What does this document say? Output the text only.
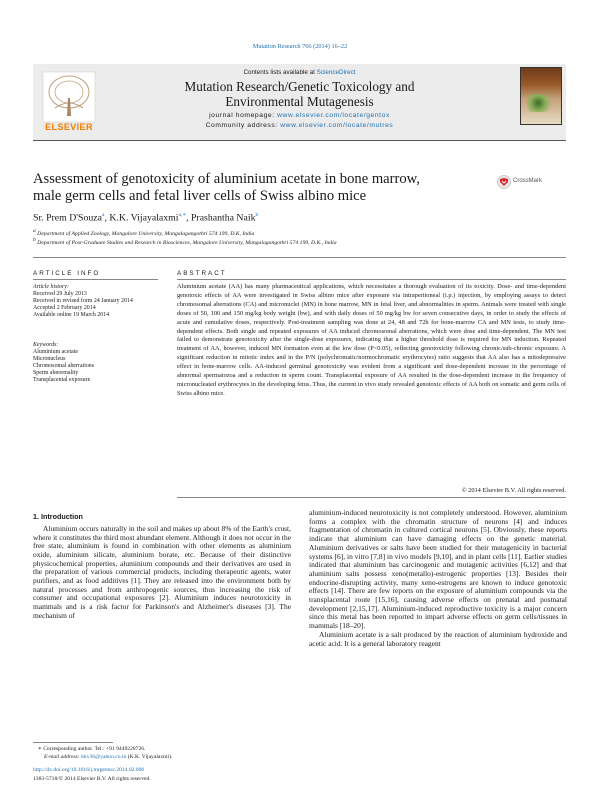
Mutation Research 766 (2014) 16–22
ELSEVIER
Contents lists available at ScienceDirect
Mutation Research/Genetic Toxicology and
Environmental Mutagenesis
journal homepage: www.elsevier.com/locate/gentox
Community address: www.elsevier.com/locate/mutres
Assessment of genotoxicity of aluminium acetate in bone marrow,
male germ cells and fetal liver cells of Swiss albino mice
CrossMark
Sr. Prem D'Souza$^a$, K.K. Vijayalaxmi$^{a,∗}$, Prashantha Naik$^b$
$^a$ Department of Applied Zoology, Mangalore University, Mangalagangothri 574 199, D.K, India
$^b$ Department of Post-Graduate Studies and Research in Biosciences, Mangalore University, Mangalagangothri 574 199, D.K., India
ARTICLE INFO	ABSTRACT
Article history:
Received 29 July 2013
Received in revised form 24 January 2014
Accepted 2 February 2014
Available online 19 March 2014
Keywords:
Aluminium acetate
Micronucleus
Chromosomal aberrations
Sperm abnormality
Transplacental exposure
Aluminium acetate (AA) has many pharmaceutical applications, which necessitates a thorough evaluation of its toxicity. Dose- and time-dependent genotoxic effects of AA were investigated in Swiss albino mice after exposure via intraperitoneal (i.p.) injection, by employing assays to detect chromosomal aberrations (CA) and micronuclei (MN) in bone marrow, MN in fetal liver, and abnormalities in sperm. Animals were treated with single doses of 50, 100 and 150 mg/kg body weight (bw), and with daily doses of 50 mg/kg bw for seven consecutive days, in order to study the effects of acute and cumulative doses, respectively. Post-treatment sampling was done at 24, 48 and 72h for bone-marrow CA and MN tests, to study time-dependent effects. Both single and repeated exposures of AA induced chromosomal aberrations, which were dose and time-dependent. The MN test failed to demonstrate genotoxicity after the single-dose exposures, indicating that a higher threshold dose is required for MN induction. Repeated treatment of AA, however, induced MN formation even at the low dose (P<0.05), reflecting genotoxicity following chronic/sub-chronic exposure. A significant reduction in mitotic index and in the P/N (polychromatic/normochromatic erythrocytes) ratio suggests that AA also has a mitodepressive effect in bone-marrow cells. AA-induced germinal genotoxicity was evident from a significant and dose-dependent increase in the percentage of abnormal spermatozoa and a reduction in sperm count. Transplacental exposure of AA resulted in the dose-dependent increase in the frequency of micronucleated erythrocytes in the developing fetus. Thus, the current in vivo study revealed genotoxic effects of AA both on somatic and germ cells of Swiss albino mice.
© 2014 Elsevier B.V. All rights reserved.
1. Introduction

Aluminium occurs naturally in the soil and makes up about 8% of the Earth's crust, where it constitutes the third most abundant element. Although it does not occur in the free state, aluminium is found in combination with other elements as aluminium oxide, aluminium silicate, aluminium borate, etc. Because of their distinctive physicochemical properties, aluminium compounds and their derivatives are used in the preparation of various commercial products, including therapeutic agents, water purifiers, and as food additives [1]. They are released into the environment both by natural processes and from anthropogenic sources, thus increasing the risk of consumer and occupational exposures [2]. Aluminium induces neurotoxicity in mammals and is a risk factor for Parkinson's and Alzheimer's diseases [3]. The mechanism of

aluminium-induced neurotoxicity is not completely understood. However, aluminium forms a complex with the chromatin structure of neurons [4] and induces fragmentation of chromatin in cultured cortical neurons [5]. Obviously, these reports indicate that aluminium can have damaging effects on the genetic material. Aluminium derivatives or salts have been studied for their mutagenicity in bacterial systems [6], in vitro [7,8] in vivo models [9,10], and in plant cells [11]. Earlier studies indicated that aluminium has carcinogenic and mutagenic activities [6,12] and that aluminium salts possess xeno(metallo)-estrogenic properties [13]. Besides their endocrine-disrupting activity, many xeno-estrogens are known to induce genotoxic effects [14]. There are few reports on the exposure of aluminium compounds via the transplacental route [15,16], causing adverse effects on prenatal and postnatal development [2,15,17]. Aluminium-induced reproductive toxicity is a major concern since this metal has been reported to impart adverse effects on germ cells/tissues in mammals [18–20].

Aluminium acetate is a salt produced by the reaction of aluminium hydroxide and acetic acid. It is a general laboratory reagent

∗ Corresponding author. Tel.: +91 9449228726.
E-mail address: kkv36@yahoo.co.in (K.K. Vijayalaxmi).
http://dx.doi.org/10.1016/j.mrgentox.2014.02.006
1383-5718/© 2014 Elsevier B.V. All rights reserved.
